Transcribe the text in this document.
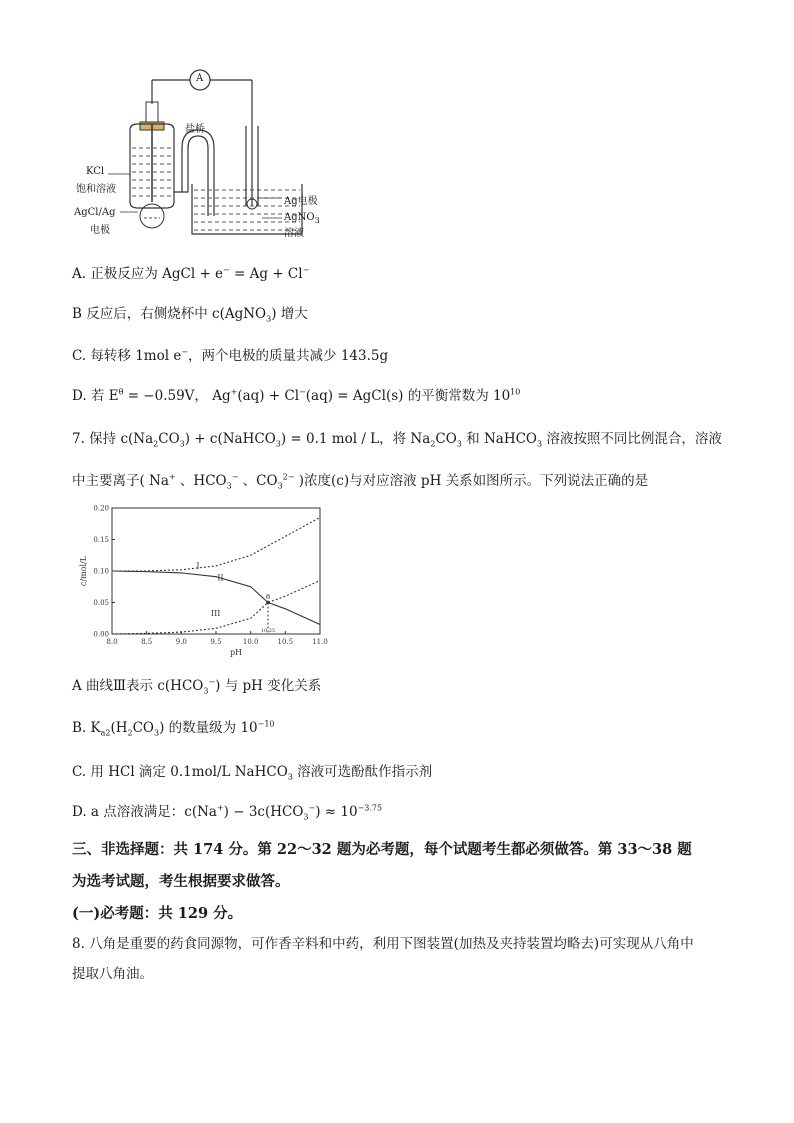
盐桥
A
KCl
饱和溶液
AgCl/Ag
电极
Ag电极
AgNO$_3$
溶液
A. 正极反应为 AgCl + e− = Ag + Cl−
B 反应后，右侧烧杯中 c(AgNO$_3$) 增大
C. 每转移 1mol e−，两个电极的质量共减少 143.5g
D. 若 $E^\theta = -0.59V$， Ag+(aq) + Cl−(aq) = AgCl(s) 的平衡常数为 $10^{10}$
7. 保持 $c(Na_2CO_3)$ + c(NaHCO$_3$) = 0.1 mol / L，将 $Na_2CO_3$ 和 NaHCO$_3$ 溶液按照不同比例混合，溶液
中主要离子( Na+ 、$HCO_3^-$ 、$CO_3^{2-}$ )浓度(c)与对应溶液 pH 关系如图所示。下列说法正确的是
8.0	8.5	9.0	9.5	10.0	10.5	11.0
0.00
0.05
0.10
0.15
0.20
pH
c/mol/L	I
II
III
a
10.25
A 曲线Ⅲ表示 $c(HCO_3^-)$ 与 pH 变化关系
B. $K_{a2}(H_2CO_3)$ 的数量级为 $10^{-10}$
C. 用 HCl 滴定 0.1mol/L NaHCO$_3$ 溶液可选酚酞作指示剂
D. a 点溶液满足：$c(Na^+) - 3c(HCO_3^-) \approx 10^{-3.75}$
三、非选择题：共 174 分。第 22～32 题为必考题，每个试题考生都必须做答。第 33～38 题
为选考试题，考生根据要求做答。
(一)必考题：共 129 分。
8. 八角是重要的药食同源物，可作香辛料和中药，利用下图装置(加热及夹持装置均略去)可实现从八角中
提取八角油。
